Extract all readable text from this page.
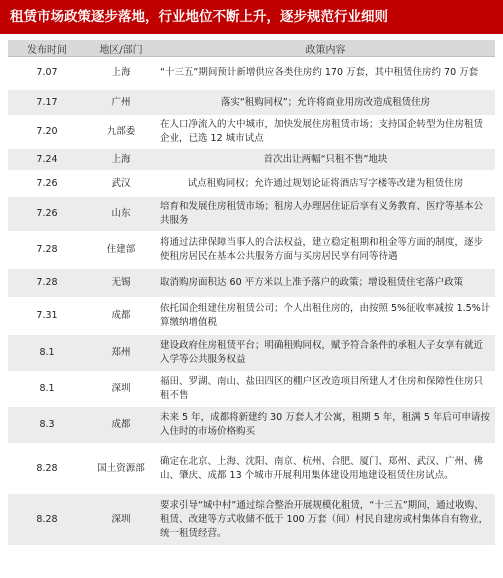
租赁市场政策逐步落地，行业地位不断上升，逐步规范行业细则
发布时间	地区/部门	政策内容
7.07	上海	“十三五”期间预计新增供应各类住房约 170 万套，其中租赁住房约 70 万套
7.17	广州	落实“租购同权”；允许将商业用房改造成租赁住房
7.20	九部委	在人口净流入的大中城市，加快发展住房租赁市场；支持国企转型为住房租赁企业，已选 12 城市试点
7.24	上海	首次出让两幅“只租不售”地块
7.26	武汉	试点租购同权；允许通过规划论证将酒店写字楼等改建为租赁住房
7.26	山东	培育和发展住房租赁市场；租房人办理居住证后享有义务教育、医疗等基本公共服务
7.28	住建部	将通过法律保障当事人的合法权益，建立稳定租期和租金等方面的制度，逐步使租房居民在基本公共服务方面与买房居民享有同等待遇
7.28	无锡	取消购房面积达 60 平方米以上准予落户的政策；增设租赁住宅落户政策
7.31	成都	依托国企组建住房租赁公司；个人出租住房的，由按照 5%征收率减按 1.5%计算缴纳增值税
8.1	郑州	建设政府住房租赁平台；明确租购同权，赋予符合条件的承租人子女享有就近入学等公共服务权益
8.1	深圳	福田、罗湖、南山、盐田四区的棚户区改造项目所建人才住房和保障性住房只租不售
8.3	成都	未来 5 年，成都将新建约 30 万套人才公寓，租期 5 年，租满 5 年后可申请按入住时的市场价格购买
8.28	国土资源部	确定在北京、上海、沈阳、南京、杭州、合肥、厦门、郑州、武汉、广州、佛山、肇庆、成都 13 个城市开展利用集体建设用地建设租赁住房试点。
8.28	深圳	要求引导“城中村”通过综合整治开展规模化租赁，“十三五”期间，通过收购、租赁、改建等方式收储不低于 100 万套（间）村民自建房或村集体自有物业，统一租赁经营。
